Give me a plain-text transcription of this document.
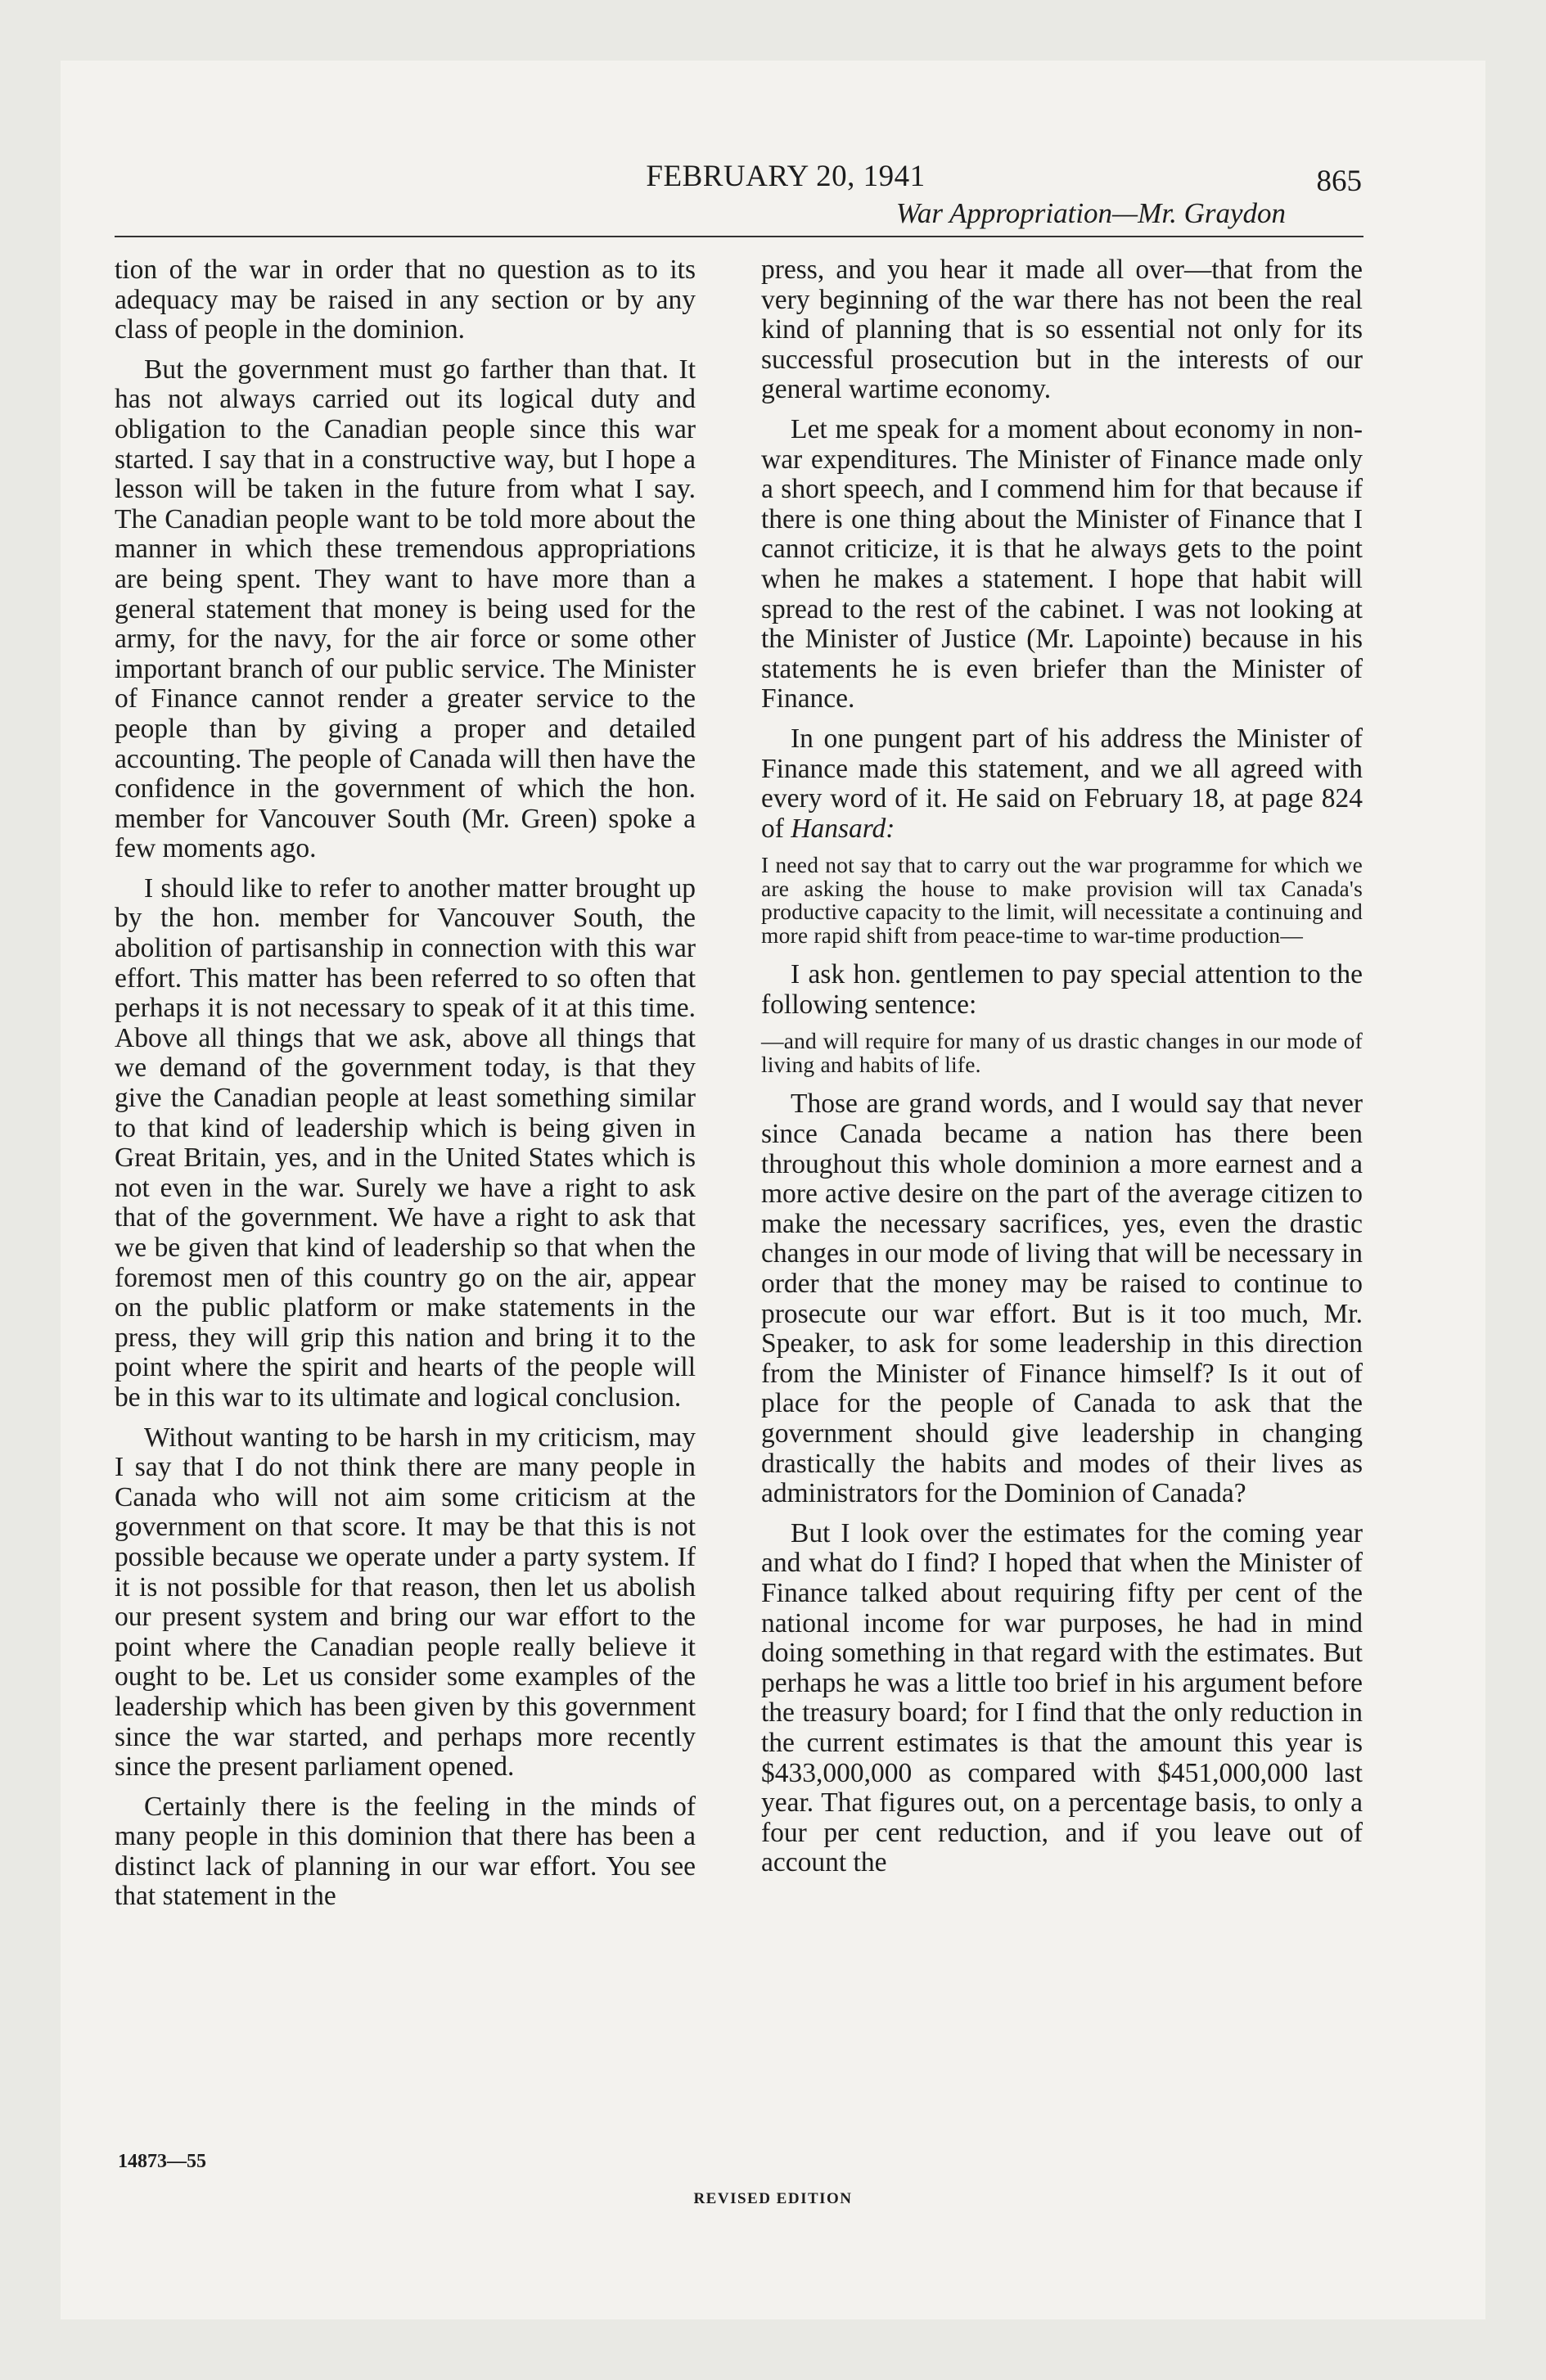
FEBRUARY 20, 1941	865
War Appropriation—Mr. Graydon

tion of the war in order that no question as to its adequacy may be raised in any section or by any class of people in the dominion.

But the government must go farther than that. It has not always carried out its logical duty and obligation to the Canadian people since this war started. I say that in a constructive way, but I hope a lesson will be taken in the future from what I say. The Canadian people want to be told more about the manner in which these tremendous appropriations are being spent. They want to have more than a general statement that money is being used for the army, for the navy, for the air force or some other important branch of our public service. The Minister of Finance cannot render a greater service to the people than by giving a proper and detailed accounting. The people of Canada will then have the confidence in the government of which the hon. member for Vancouver South (Mr. Green) spoke a few moments ago.

I should like to refer to another matter brought up by the hon. member for Vancouver South, the abolition of partisanship in connection with this war effort. This matter has been referred to so often that perhaps it is not necessary to speak of it at this time. Above all things that we ask, above all things that we demand of the government today, is that they give the Canadian people at least something similar to that kind of leadership which is being given in Great Britain, yes, and in the United States which is not even in the war. Surely we have a right to ask that of the government. We have a right to ask that we be given that kind of leadership so that when the foremost men of this country go on the air, appear on the public platform or make statements in the press, they will grip this nation and bring it to the point where the spirit and hearts of the people will be in this war to its ultimate and logical conclusion.

Without wanting to be harsh in my criticism, may I say that I do not think there are many people in Canada who will not aim some criticism at the government on that score. It may be that this is not possible because we operate under a party system. If it is not possible for that reason, then let us abolish our present system and bring our war effort to the point where the Canadian people really believe it ought to be. Let us consider some examples of the leadership which has been given by this government since the war started, and perhaps more recently since the present parliament opened.

Certainly there is the feeling in the minds of many people in this dominion that there has been a distinct lack of planning in our war effort. You see that statement in the

press, and you hear it made all over—that from the very beginning of the war there has not been the real kind of planning that is so essential not only for its successful prosecution but in the interests of our general wartime economy.

Let me speak for a moment about economy in non-war expenditures. The Minister of Finance made only a short speech, and I commend him for that because if there is one thing about the Minister of Finance that I cannot criticize, it is that he always gets to the point when he makes a statement. I hope that habit will spread to the rest of the cabinet. I was not looking at the Minister of Justice (Mr. Lapointe) because in his statements he is even briefer than the Minister of Finance.

In one pungent part of his address the Minister of Finance made this statement, and we all agreed with every word of it. He said on February 18, at page 824 of Hansard:

I need not say that to carry out the war programme for which we are asking the house to make provision will tax Canada's productive capacity to the limit, will necessitate a continuing and more rapid shift from peace-time to war-time production—

I ask hon. gentlemen to pay special attention to the following sentence:

—and will require for many of us drastic changes in our mode of living and habits of life.

Those are grand words, and I would say that never since Canada became a nation has there been throughout this whole dominion a more earnest and a more active desire on the part of the average citizen to make the necessary sacrifices, yes, even the drastic changes in our mode of living that will be necessary in order that the money may be raised to continue to prosecute our war effort. But is it too much, Mr. Speaker, to ask for some leadership in this direction from the Minister of Finance himself? Is it out of place for the people of Canada to ask that the government should give leadership in changing drastically the habits and modes of their lives as administrators for the Dominion of Canada?

But I look over the estimates for the coming year and what do I find? I hoped that when the Minister of Finance talked about requiring fifty per cent of the national income for war purposes, he had in mind doing something in that regard with the estimates. But perhaps he was a little too brief in his argument before the treasury board; for I find that the only reduction in the current estimates is that the amount this year is $433,000,000 as compared with $451,000,000 last year. That figures out, on a percentage basis, to only a four per cent reduction, and if you leave out of account the

14873—55
REVISED EDITION
